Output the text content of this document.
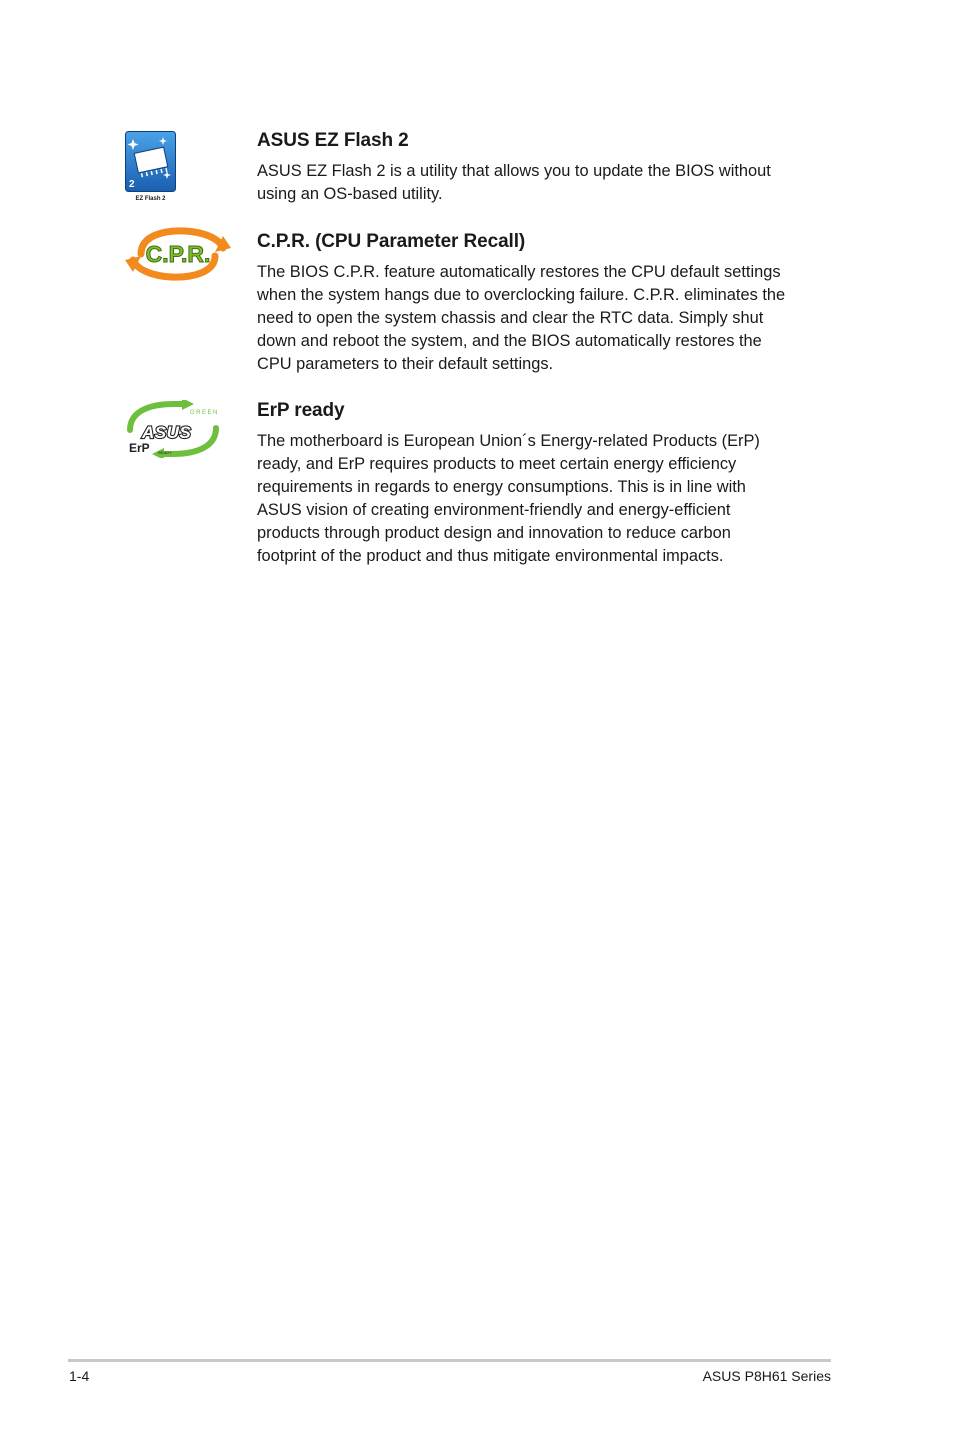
2
EZ Flash 2
ASUS EZ Flash 2

ASUS EZ Flash 2 is a utility that allows you to update the BIOS without
using an OS-based utility.

C.P.R. C.P.R. (CPU Parameter Recall)

The BIOS C.P.R. feature automatically restores the CPU default settings
when the system hangs due to overclocking failure. C.P.R. eliminates the
need to open the system chassis and clear the RTC data. Simply shut
down and reboot the system, and the BIOS automatically restores the
CPU parameters to their default settings.

GREEN
ASUS
ErP READY
ErP ready

The motherboard is European Union´s Energy-related Products (ErP)
ready, and ErP requires products to meet certain energy efficiency
requirements in regards to energy consumptions. This is in line with
ASUS vision of creating environment-friendly and energy-efficient
products through product design and innovation to reduce carbon
footprint of the product and thus mitigate environmental impacts.

1-4	ASUS P8H61 Series
